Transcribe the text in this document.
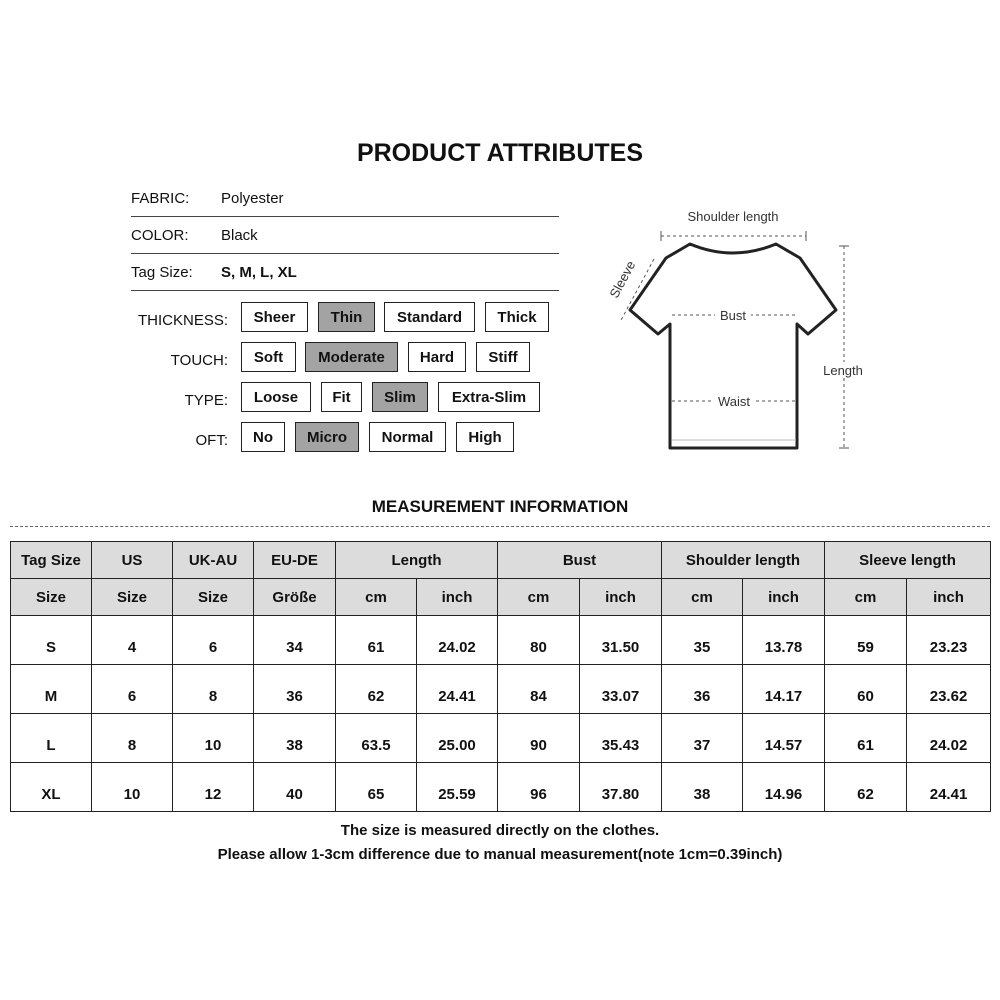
PRODUCT ATTRIBUTES
FABRIC: Polyester
COLOR: Black
Tag Size: S, M, L, XL
THICKNESS:	Sheer	Thin	Standard	Thick
TOUCH:	Soft	Moderate	Hard	Stiff
TYPE:	Loose	Fit	Slim	Extra-Slim
OFT:	No	Micro	Normal	High
Shoulder length
Sleeve
Bust
Waist
Length
MEASUREMENT INFORMATION
Tag Size	US	UK-AU	EU-DE	Length		Bust		Shoulder length		Sleeve length	
Size	Size	Size	Größe	cm	inch	cm	inch	cm	inch	cm	inch
S	4	6	34	61	24.02	80	31.50	35	13.78	59	23.23
M	6	8	36	62	24.41	84	33.07	36	14.17	60	23.62
L	8	10	38	63.5	25.00	90	35.43	37	14.57	61	24.02
XL	10	12	40	65	25.59	96	37.80	38	14.96	62	24.41
The size is measured directly on the clothes.
Please allow 1-3cm difference due to manual measurement(note 1cm=0.39inch)
